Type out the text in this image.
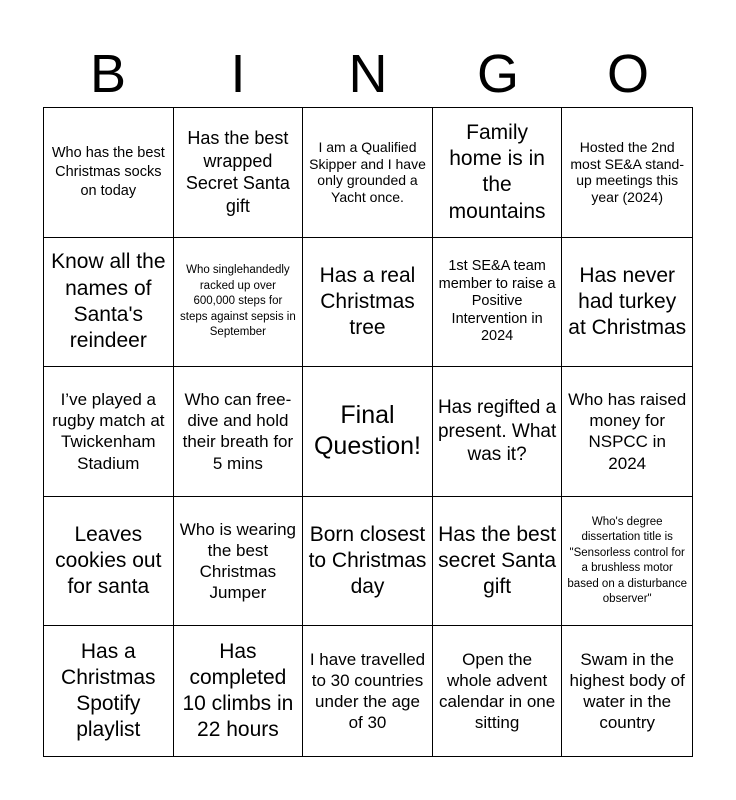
B	I	N	G	O
Who has the best Christmas socks on today
Has the best wrapped Secret Santa gift
I am a Qualified Skipper and I have only grounded a Yacht once.
Family home is in the mountains
Hosted the 2nd most SE&A stand-up meetings this year (2024)
Know all the names of Santa's reindeer
Who singlehandedly racked up over 600,000 steps for steps against sepsis in September
Has a real Christmas tree
1st SE&A team member to raise a Positive Intervention in 2024
Has never had turkey at Christmas
I’ve played a rugby match at Twickenham Stadium
Who can free-dive and hold their breath for 5 mins
Final Question!
Has regifted a present. What was it?
Who has raised money for NSPCC in 2024
Leaves cookies out for santa
Who is wearing the best Christmas Jumper
Born closest to Christmas day
Has the best secret Santa gift
Who's degree dissertation title is "Sensorless control for a brushless motor based on a disturbance observer"
Has a Christmas Spotify playlist
Has completed 10 climbs in 22 hours
I have travelled to 30 countries under the age of 30
Open the whole advent calendar in one sitting
Swam in the highest body of water in the country
